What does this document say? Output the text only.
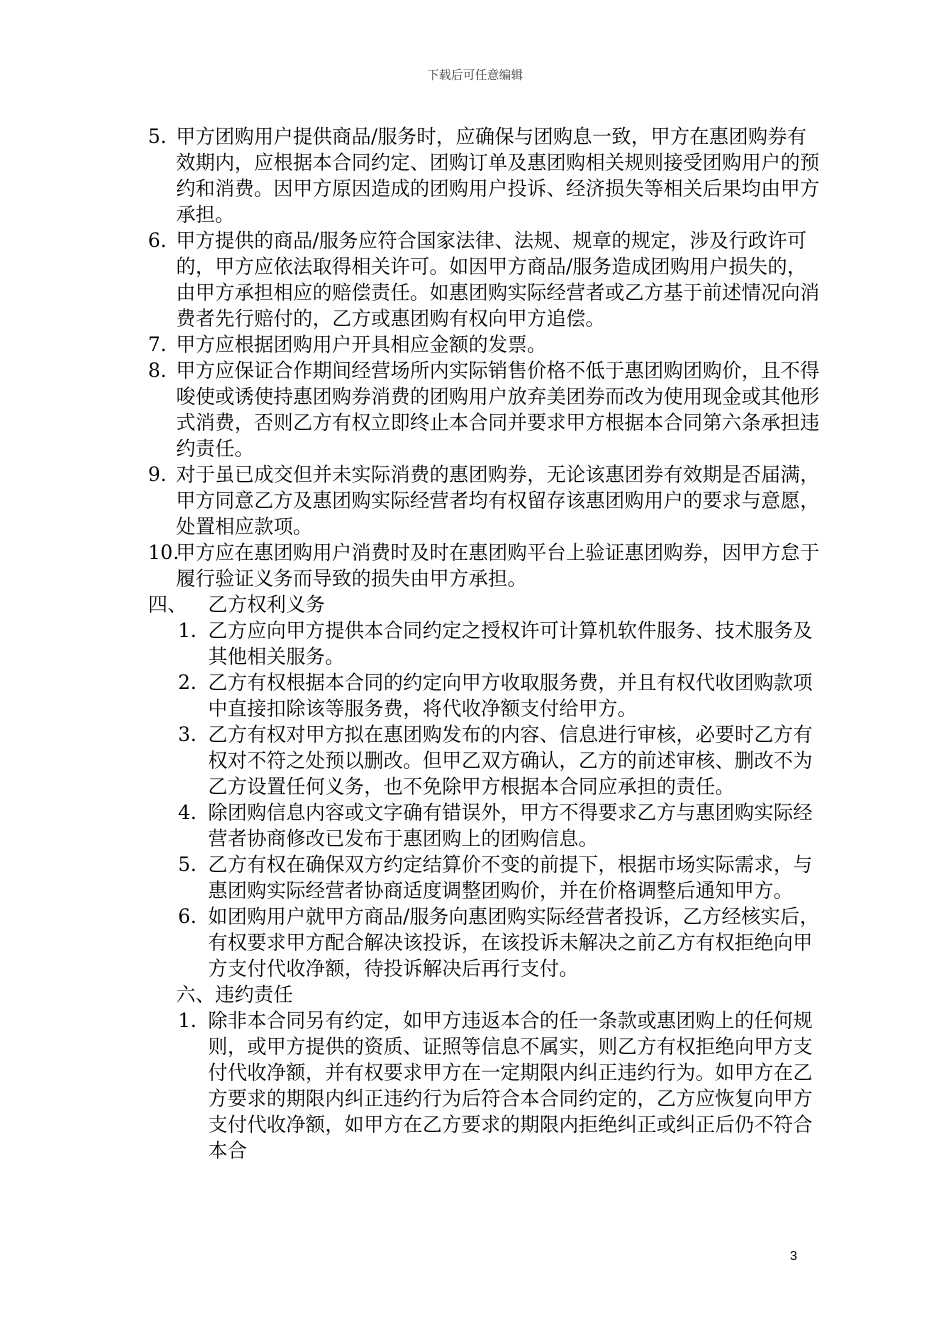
下载后可任意编辑
5. 甲方团购用户提供商品/服务时，应确保与团购息一致，甲方在惠团购券有效期内，应根据本合同约定、团购订单及惠团购相关规则接受团购用户的预约和消费。因甲方原因造成的团购用户投诉、经济损失等相关后果均由甲方承担。
6. 甲方提供的商品/服务应符合国家法律、法规、规章的规定，涉及行政许可的，甲方应依法取得相关许可。如因甲方商品/服务造成团购用户损失的，由甲方承担相应的赔偿责任。如惠团购实际经营者或乙方基于前述情况向消费者先行赔付的，乙方或惠团购有权向甲方追偿。
7. 甲方应根据团购用户开具相应金额的发票。
8. 甲方应保证合作期间经营场所内实际销售价格不低于惠团购团购价，且不得唆使或诱使持惠团购券消费的团购用户放弃美团券而改为使用现金或其他形式消费，否则乙方有权立即终止本合同并要求甲方根据本合同第六条承担违约责任。
9. 对于虽已成交但并未实际消费的惠团购券，无论该惠团券有效期是否届满，甲方同意乙方及惠团购实际经营者均有权留存该惠团购用户的要求与意愿，处置相应款项。
10.
甲方应在惠团购用户消费时及时在惠团购平台上验证惠团购券，因甲方怠于履行验证义务而导致的损失由甲方承担。
四、 乙方权利义务
1. 乙方应向甲方提供本合同约定之授权许可计算机软件服务、技术服务及其他相关服务。
2. 乙方有权根据本合同的约定向甲方收取服务费，并且有权代收团购款项中直接扣除该等服务费，将代收净额支付给甲方。
3. 乙方有权对甲方拟在惠团购发布的内容、信息进行审核，必要时乙方有权对不符之处预以删改。但甲乙双方确认，乙方的前述审核、删改不为乙方设置任何义务，也不免除甲方根据本合同应承担的责任。
4. 除团购信息内容或文字确有错误外，甲方不得要求乙方与惠团购实际经营者协商修改已发布于惠团购上的团购信息。
5. 乙方有权在确保双方约定结算价不变的前提下，根据市场实际需求，与惠团购实际经营者协商适度调整团购价，并在价格调整后通知甲方。
6. 如团购用户就甲方商品/服务向惠团购实际经营者投诉，乙方经核实后，有权要求甲方配合解决该投诉，在该投诉未解决之前乙方有权拒绝向甲方支付代收净额，待投诉解决后再行支付。
六、违约责任
1. 除非本合同另有约定，如甲方违返本合的任一条款或惠团购上的任何规则，或甲方提供的资质、证照等信息不属实，则乙方有权拒绝向甲方支付代收净额，并有权要求甲方在一定期限内纠正违约行为。如甲方在乙方要求的期限内纠正违约行为后符合本合同约定的，乙方应恢复向甲方支付代收净额，如甲方在乙方要求的期限内拒绝纠正或纠正后仍不符合本合
3
